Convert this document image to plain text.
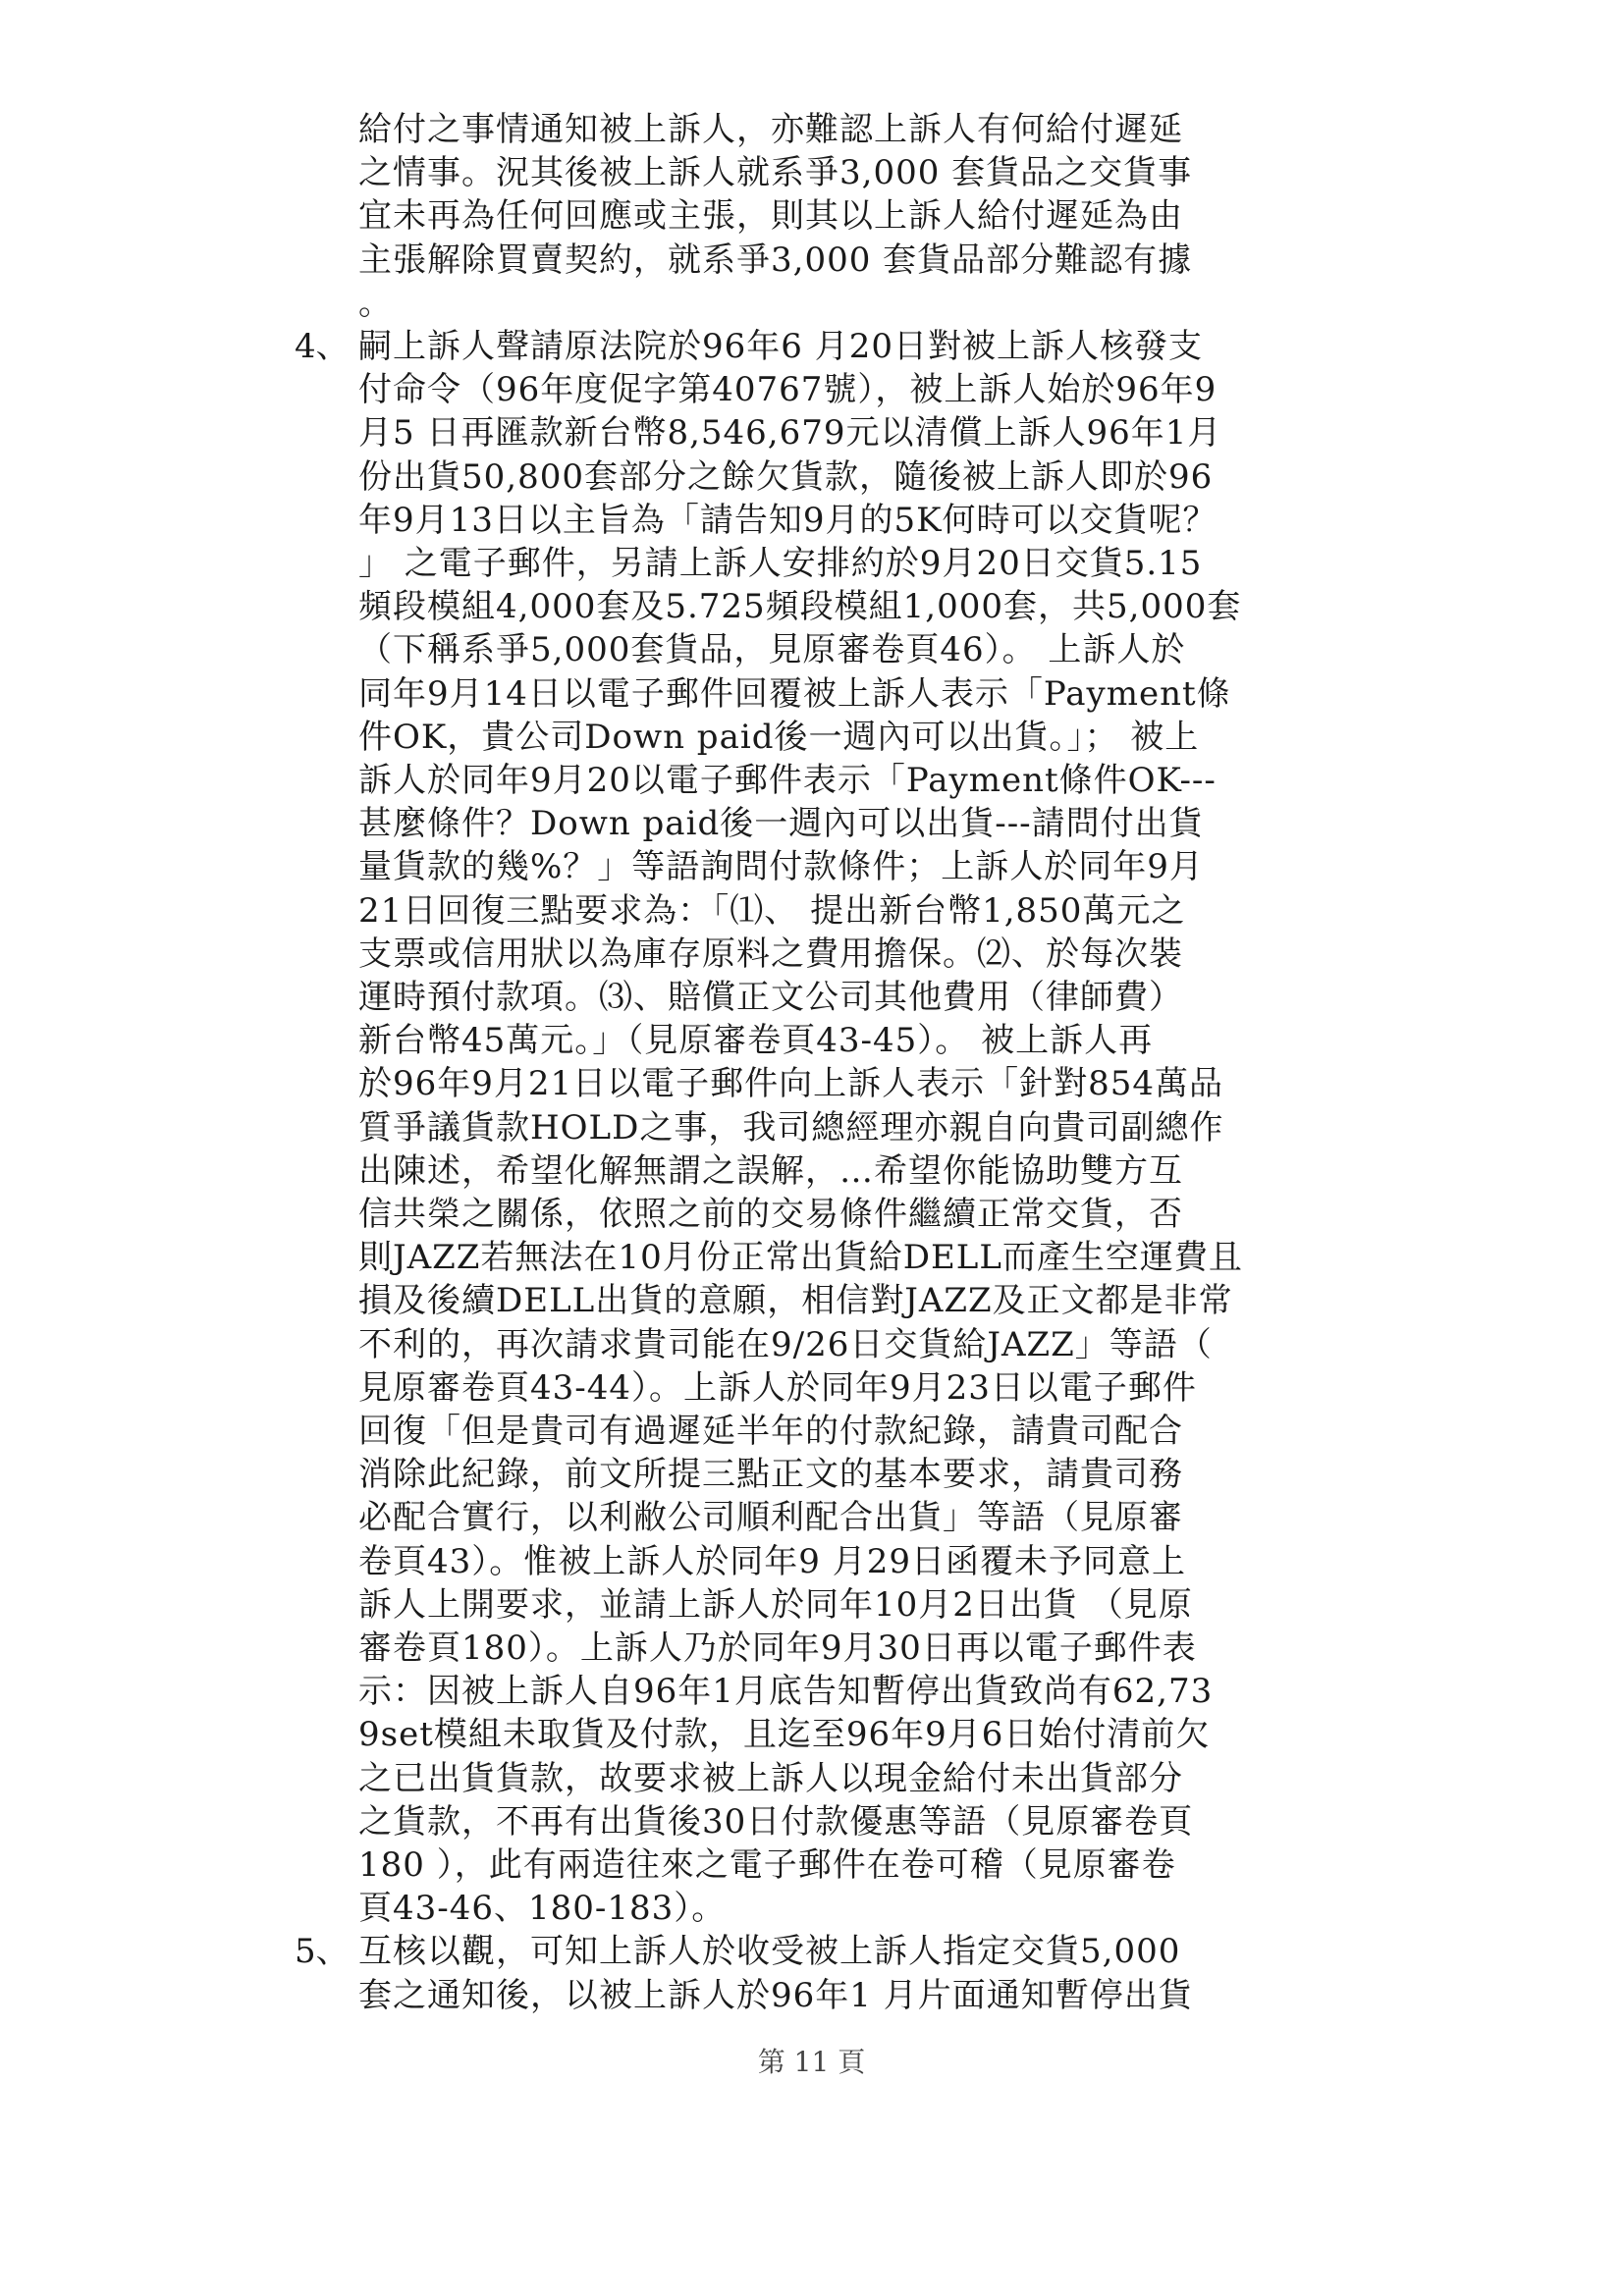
給付之事情通知被上訴人，亦難認上訴人有何給付遲延
之情事。況其後被上訴人就系爭3,000 套貨品之交貨事
宜未再為任何回應或主張，則其以上訴人給付遲延為由
主張解除買賣契約，就系爭3,000 套貨品部分難認有據
。
4、 嗣上訴人聲請原法院於96年6 月20日對被上訴人核發支
付命令（96年度促字第40767號），被上訴人始於96年9
月5 日再匯款新台幣8,546,679元以清償上訴人96年1月
份出貨50,800套部分之餘欠貨款，隨後被上訴人即於96
年9月13日以主旨為「請告知9月的5K何時可以交貨呢？
」 之電子郵件，另請上訴人安排約於9月20日交貨5.15
頻段模組4,000套及5.725頻段模組1,000套，共5,000套
（下稱系爭5,000套貨品，見原審卷頁46）。 上訴人於
同年9月14日以電子郵件回覆被上訴人表示「Payment條
件OK，貴公司Down paid後一週內可以出貨。」； 被上
訴人於同年9月20以電子郵件表示「Payment條件OK---
甚麼條件？Down paid後一週內可以出貨---請問付出貨
量貨款的幾%？」等語詢問付款條件；上訴人於同年9月
21日回復三點要求為：「⑴、 提出新台幣1,850萬元之
支票或信用狀以為庫存原料之費用擔保。⑵、於每次裝
運時預付款項。⑶、賠償正文公司其他費用（律師費）
新台幣45萬元。」（見原審卷頁43-45）。 被上訴人再
於96年9月21日以電子郵件向上訴人表示「針對854萬品
質爭議貨款HOLD之事，我司總經理亦親自向貴司副總作
出陳述，希望化解無謂之誤解，…希望你能協助雙方互
信共榮之關係，依照之前的交易條件繼續正常交貨，否
則JAZZ若無法在10月份正常出貨給DELL而產生空運費且
損及後續DELL出貨的意願，相信對JAZZ及正文都是非常
不利的，再次請求貴司能在9/26日交貨給JAZZ」等語（
見原審卷頁43-44）。上訴人於同年9月23日以電子郵件
回復「但是貴司有過遲延半年的付款紀錄，請貴司配合
消除此紀錄，前文所提三點正文的基本要求，請貴司務
必配合實行，以利敝公司順利配合出貨」等語（見原審
卷頁43）。惟被上訴人於同年9 月29日函覆未予同意上
訴人上開要求，並請上訴人於同年10月2日出貨 （見原
審卷頁180）。上訴人乃於同年9月30日再以電子郵件表
示：因被上訴人自96年1月底告知暫停出貨致尚有62,73
9set模組未取貨及付款，且迄至96年9月6日始付清前欠
之已出貨貨款，故要求被上訴人以現金給付未出貨部分
之貨款，不再有出貨後30日付款優惠等語（見原審卷頁
180 ），此有兩造往來之電子郵件在卷可稽（見原審卷
頁43-46、180-183）。
5、 互核以觀，可知上訴人於收受被上訴人指定交貨5,000
套之通知後，以被上訴人於96年1 月片面通知暫停出貨
第 11 頁
